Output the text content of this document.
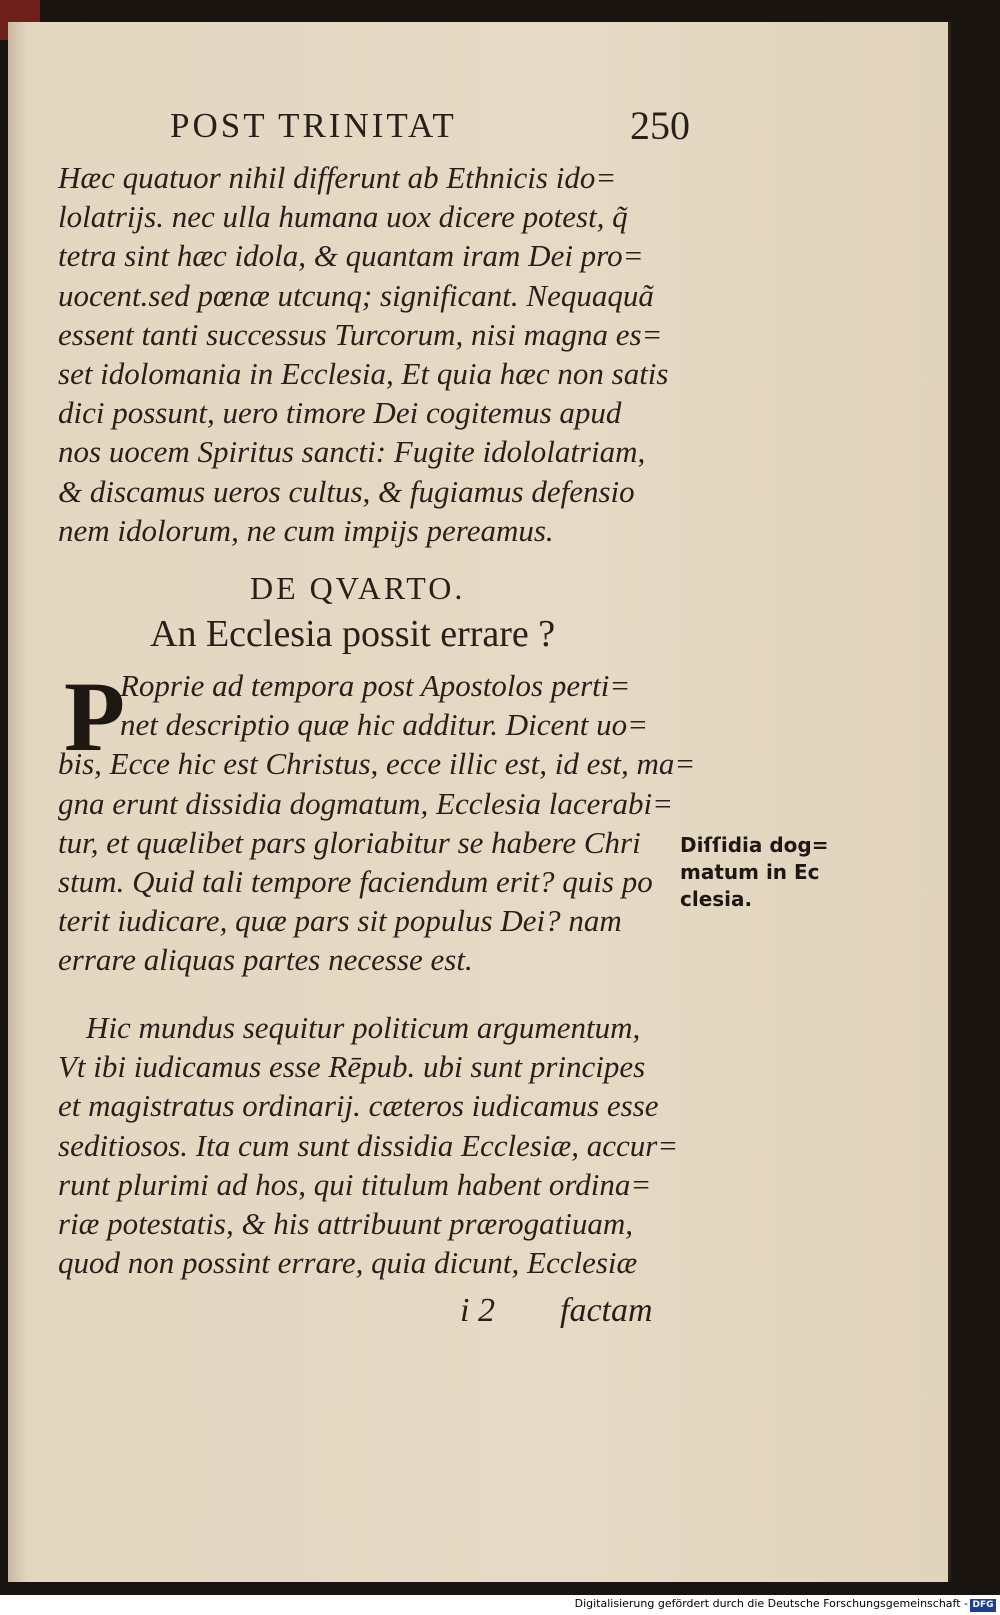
POST TRINITAT	250
Hæc quatuor nihil differunt ab Ethnicis ido=
lolatrijs. nec ulla humana uox dicere potest, q̃
tetra sint hæc idola, & quantam iram Dei pro=
uocent.sed pœnæ utcunq; significant. Nequaquã
essent tanti successus Turcorum, nisi magna es=
set idolomania in Ecclesia, Et quia hæc non satis
dici possunt, uero timore Dei cogitemus apud
nos uocem Spiritus sancti: Fugite idololatriam,
& discamus ueros cultus, & fugiamus defensio
nem idolorum, ne cum impijs pereamus.
DE QVARTO.
An Ecclesia possit errare ?
P
Roprie ad tempora post Apostolos perti=
net descriptio quæ hic additur. Dicent uo=
bis, Ecce hic est Christus, ecce illic est, id est, ma=
gna erunt dissidia dogmatum, Ecclesia lacerabi=
tur, et quælibet pars gloriabitur se habere Chri
stum. Quid tali tempore faciendum erit? quis po
terit iudicare, quæ pars sit populus Dei? nam
errare aliquas partes necesse est.
Diſſidia dog=
matum in Ec
clesia.
Hic mundus sequitur politicum argumentum,
Vt ibi iudicamus esse Rēpub. ubi sunt principes
et magistratus ordinarij. cæteros iudicamus esse
seditiosos. Ita cum sunt dissidia Ecclesiæ, accur=
runt plurimi ad hos, qui titulum habent ordina=
riæ potestatis, & his attribuunt prærogatiuam,
quod non possint errare, quia dicunt, Ecclesiæ
i 2 factam
Digitalisierung gefördert durch die Deutsche Forschungsgemeinschaft - DFG
